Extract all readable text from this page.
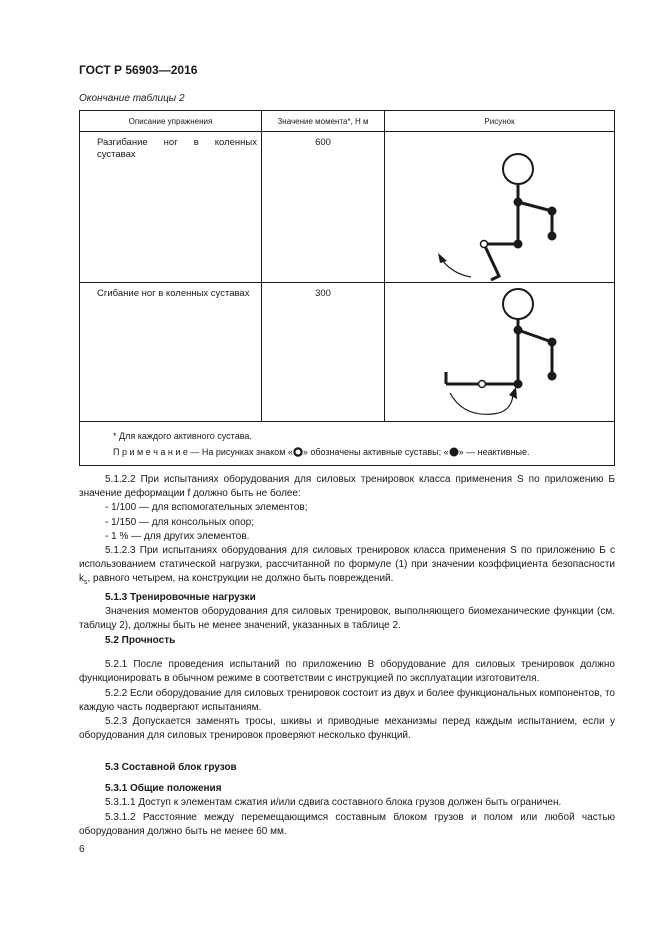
ГОСТ Р 56903—2016
Окончание таблицы 2
Описание упражнения	Значение момента*, Н м	Рисунок

Разгибание ног в коленных суставах	600

Сгибание ног в коленных суставах	300

* Для каждого активного сустава.
П р и м е ч а н и е — На рисунках знаком « » обозначены активные суставы; « » — неактивные.		

5.1.2.2 При испытаниях оборудования для силовых тренировок класса применения S по приложению Б значение деформации f должно быть не более:

- 1/100 — для вспомогательных элементов;

- 1/150 — для консольных опор;

- 1 % — для других элементов.

5.1.2.3 При испытаниях оборудования для силовых тренировок класса применения S по приложению Б с использованием статической нагрузки, рассчитанной по формуле (1) при значении коэффициента безопасности $k_s$, равного четырем, на конструкции не должно быть повреждений.

5.1.3 Тренировочные нагрузки

Значения моментов оборудования для силовых тренировок, выполняющего биомеханические функции (см. таблицу 2), должны быть не менее значений, указанных в таблице 2.

5.2 Прочность

5.2.1 После проведения испытаний по приложению В оборудование для силовых тренировок должно функционировать в обычном режиме в соответствии с инструкцией по эксплуатации изготовителя.

5.2.2 Если оборудование для силовых тренировок состоит из двух и более функциональных компонентов, то каждую часть подвергают испытаниям.

5.2.3 Допускается заменять тросы, шкивы и приводные механизмы перед каждым испытанием, если у оборудования для силовых тренировок проверяют несколько функций.

5.3 Составной блок грузов

5.3.1 Общие положения

5.3.1.1 Доступ к элементам сжатия и/или сдвига составного блока грузов должен быть ограничен.

5.3.1.2 Расстояние между перемещающимся составным блоком грузов и полом или любой частью оборудования должно быть не менее 60 мм.

6
